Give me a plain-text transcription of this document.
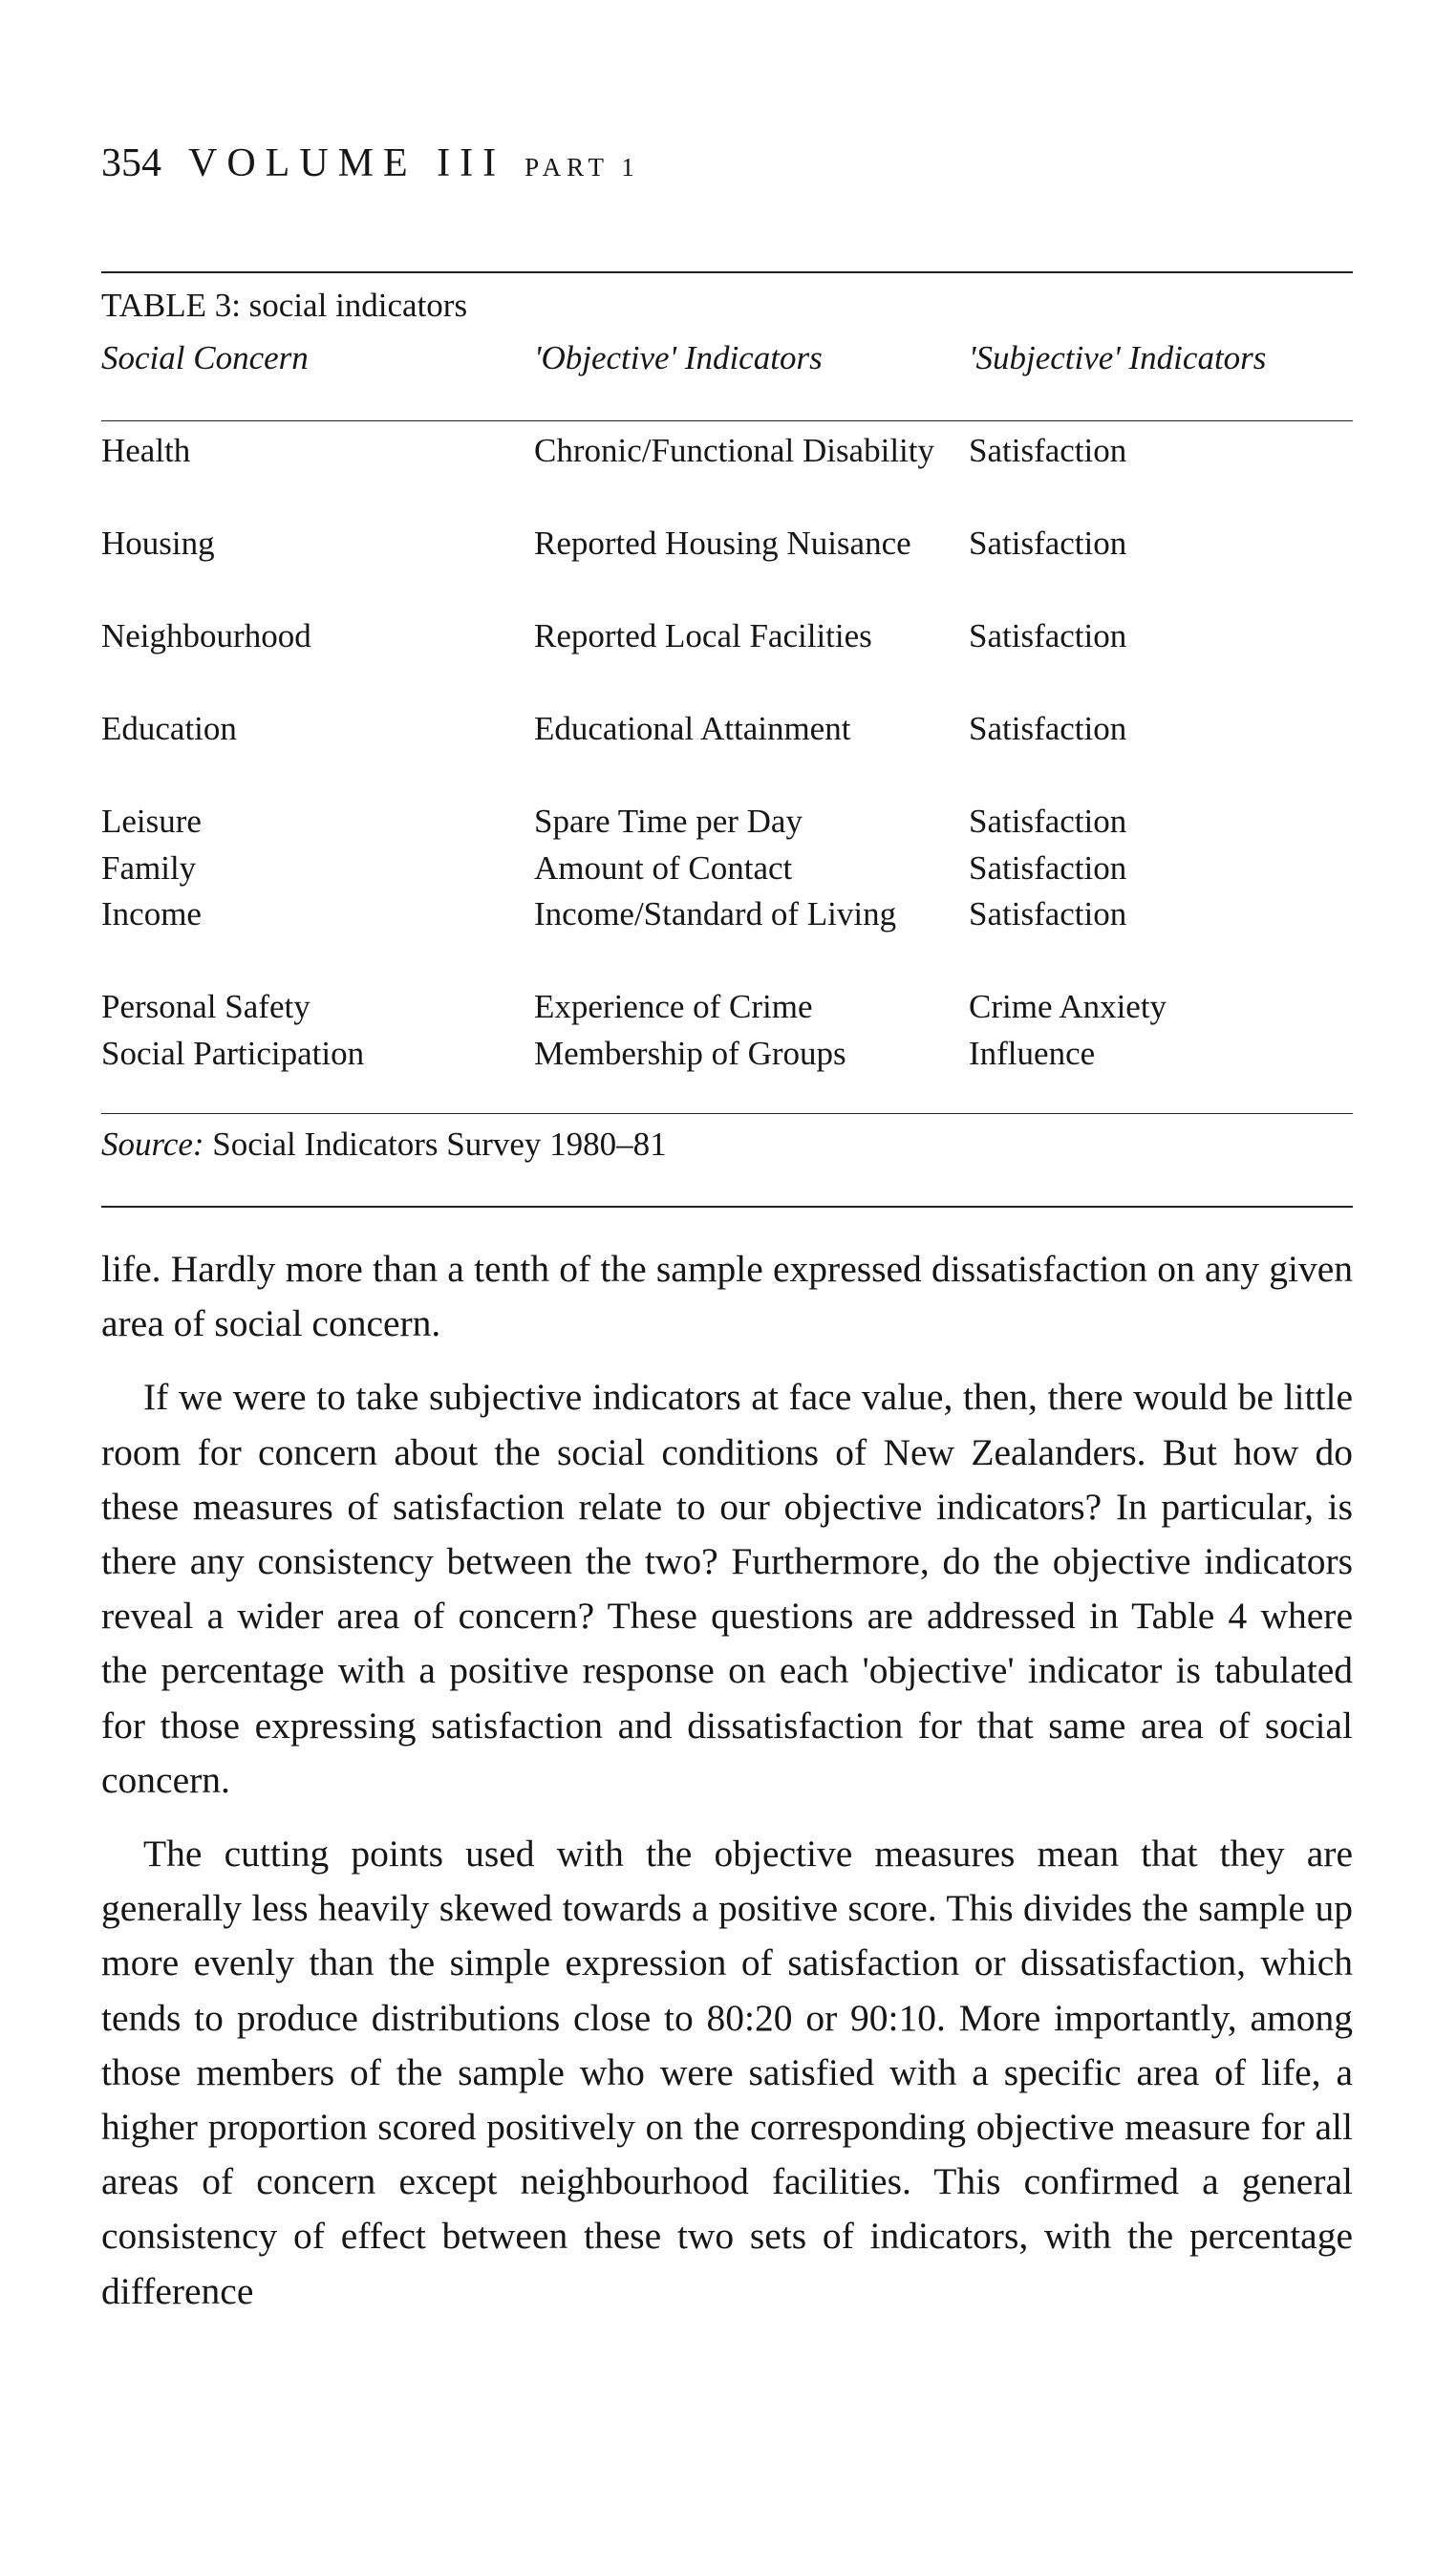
354 VOLUME III PART 1
TABLE 3: social indicators
Social Concern	'Objective' Indicators	'Subjective' Indicators
Health	Chronic/Functional Disability	Satisfaction
Housing	Reported Housing Nuisance	Satisfaction
Neighbourhood	Reported Local Facilities	Satisfaction
Education	Educational Attainment	Satisfaction
Leisure	Spare Time per Day	Satisfaction
Family	Amount of Contact	Satisfaction
Income	Income/Standard of Living	Satisfaction
Personal Safety	Experience of Crime	Crime Anxiety
Social Participation	Membership of Groups	Influence
Source: Social Indicators Survey 1980–81

life. Hardly more than a tenth of the sample expressed dissatisfaction on any given area of social concern.

If we were to take subjective indicators at face value, then, there would be little room for concern about the social conditions of New Zealanders. But how do these measures of satisfaction relate to our objective indicators? In particular, is there any consistency between the two? Furthermore, do the objective indicators reveal a wider area of concern? These questions are addressed in Table 4 where the percentage with a positive response on each 'objective' indicator is tabulated for those expressing satisfaction and dissatisfaction for that same area of social concern.

The cutting points used with the objective measures mean that they are generally less heavily skewed towards a positive score. This divides the sample up more evenly than the simple expression of satisfaction or dissatisfaction, which tends to produce distributions close to 80:20 or 90:10. More importantly, among those members of the sample who were satisfied with a specific area of life, a higher proportion scored positively on the corresponding objective measure for all areas of concern except neighbourhood facilities. This confirmed a general consistency of effect between these two sets of indicators, with the percentage difference
